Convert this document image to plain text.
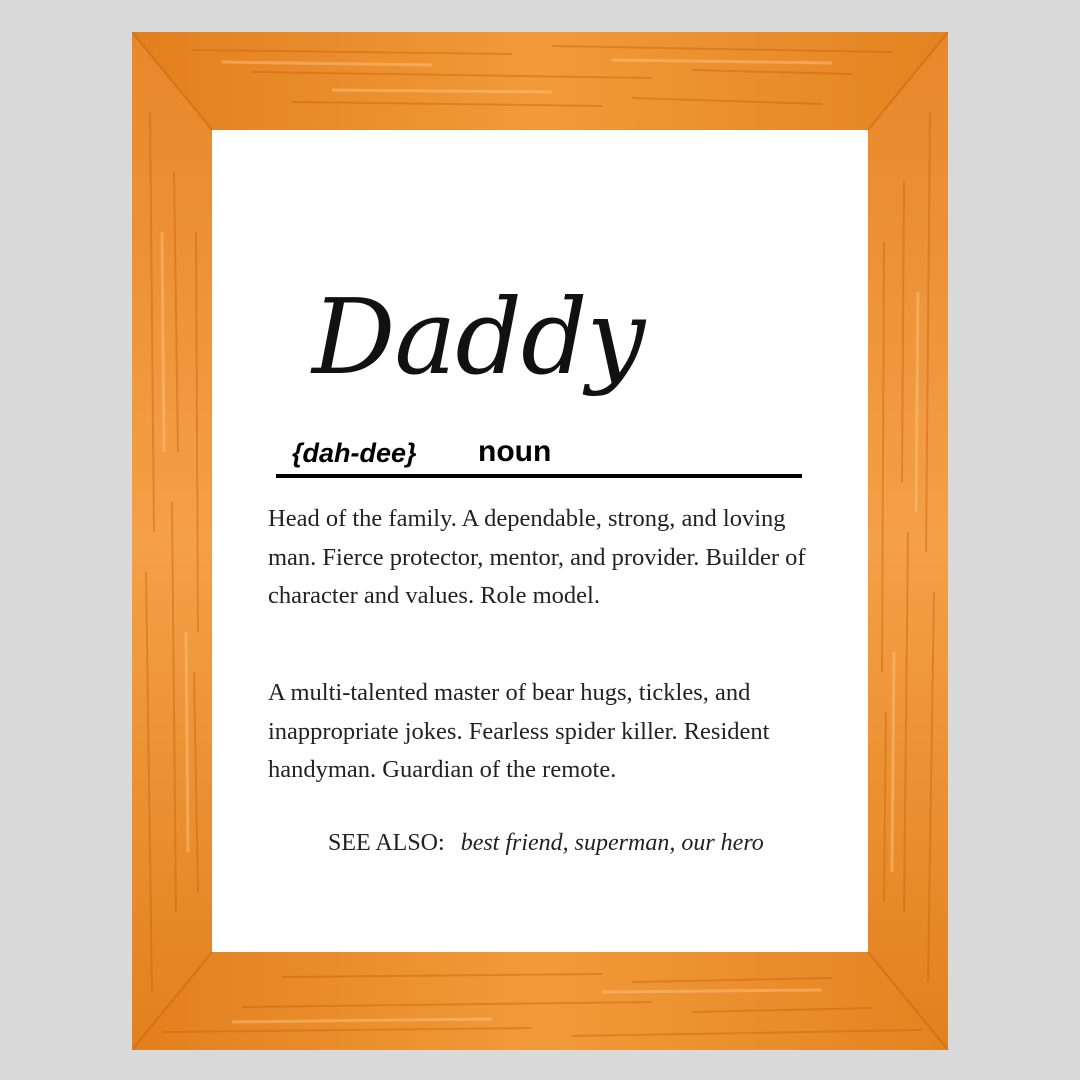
Daddy
{dah-dee} noun

Head of the family. A dependable, strong, and loving man. Fierce protector, mentor, and provider. Builder of character and values. Role model.

A multi-talented master of bear hugs, tickles, and inappropriate jokes. Fearless spider killer. Resident handyman. Guardian of the remote.

SEE ALSO: best friend, superman, our hero
